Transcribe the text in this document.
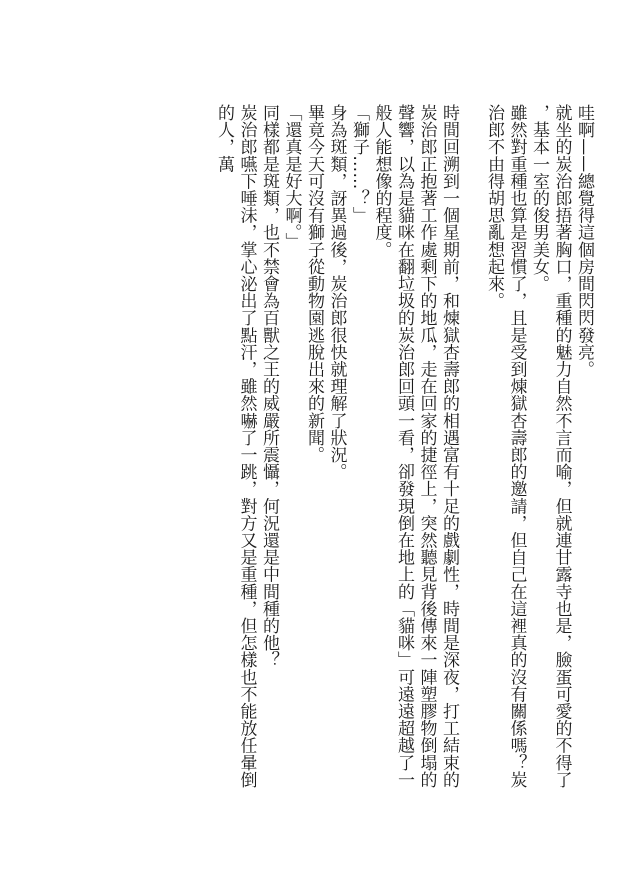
哇啊——總覺得這個房間閃閃發亮。

就坐的炭治郎捂著胸口，重種的魅力自然不言而喻，但就連甘露寺也是，臉蛋可愛的不得了，基本一室的俊男美女。

雖然對重種也算是習慣了，且是受到煉獄杏壽郎的邀請，但自己在這裡真的沒有關係嗎？炭治郎不由得胡思亂想起來。

時間回溯到一個星期前，和煉獄杏壽郎的相遇富有十足的戲劇性，時間是深夜，打工結束的炭治郎正抱著工作處剩下的地瓜，走在回家的捷徑上，突然聽見背後傳來一陣塑膠物倒塌的聲響，以為是貓咪在翻垃圾的炭治郎回頭一看，卻發現倒在地上的「貓咪」可遠遠超越了一般人能想像的程度。

「獅子……？」

身為斑類，訝異過後，炭治郎很快就理解了狀況。

畢竟今天可沒有獅子從動物園逃脫出來的新聞。

「還真是好大啊。」

同樣都是斑類，也不禁會為百獸之王的威嚴所震懾，何況還是中間種的他？

炭治郎嚥下唾沫，掌心泌出了點汗，雖然嚇了一跳，對方又是重種，但怎樣也不能放任暈倒的人，萬
